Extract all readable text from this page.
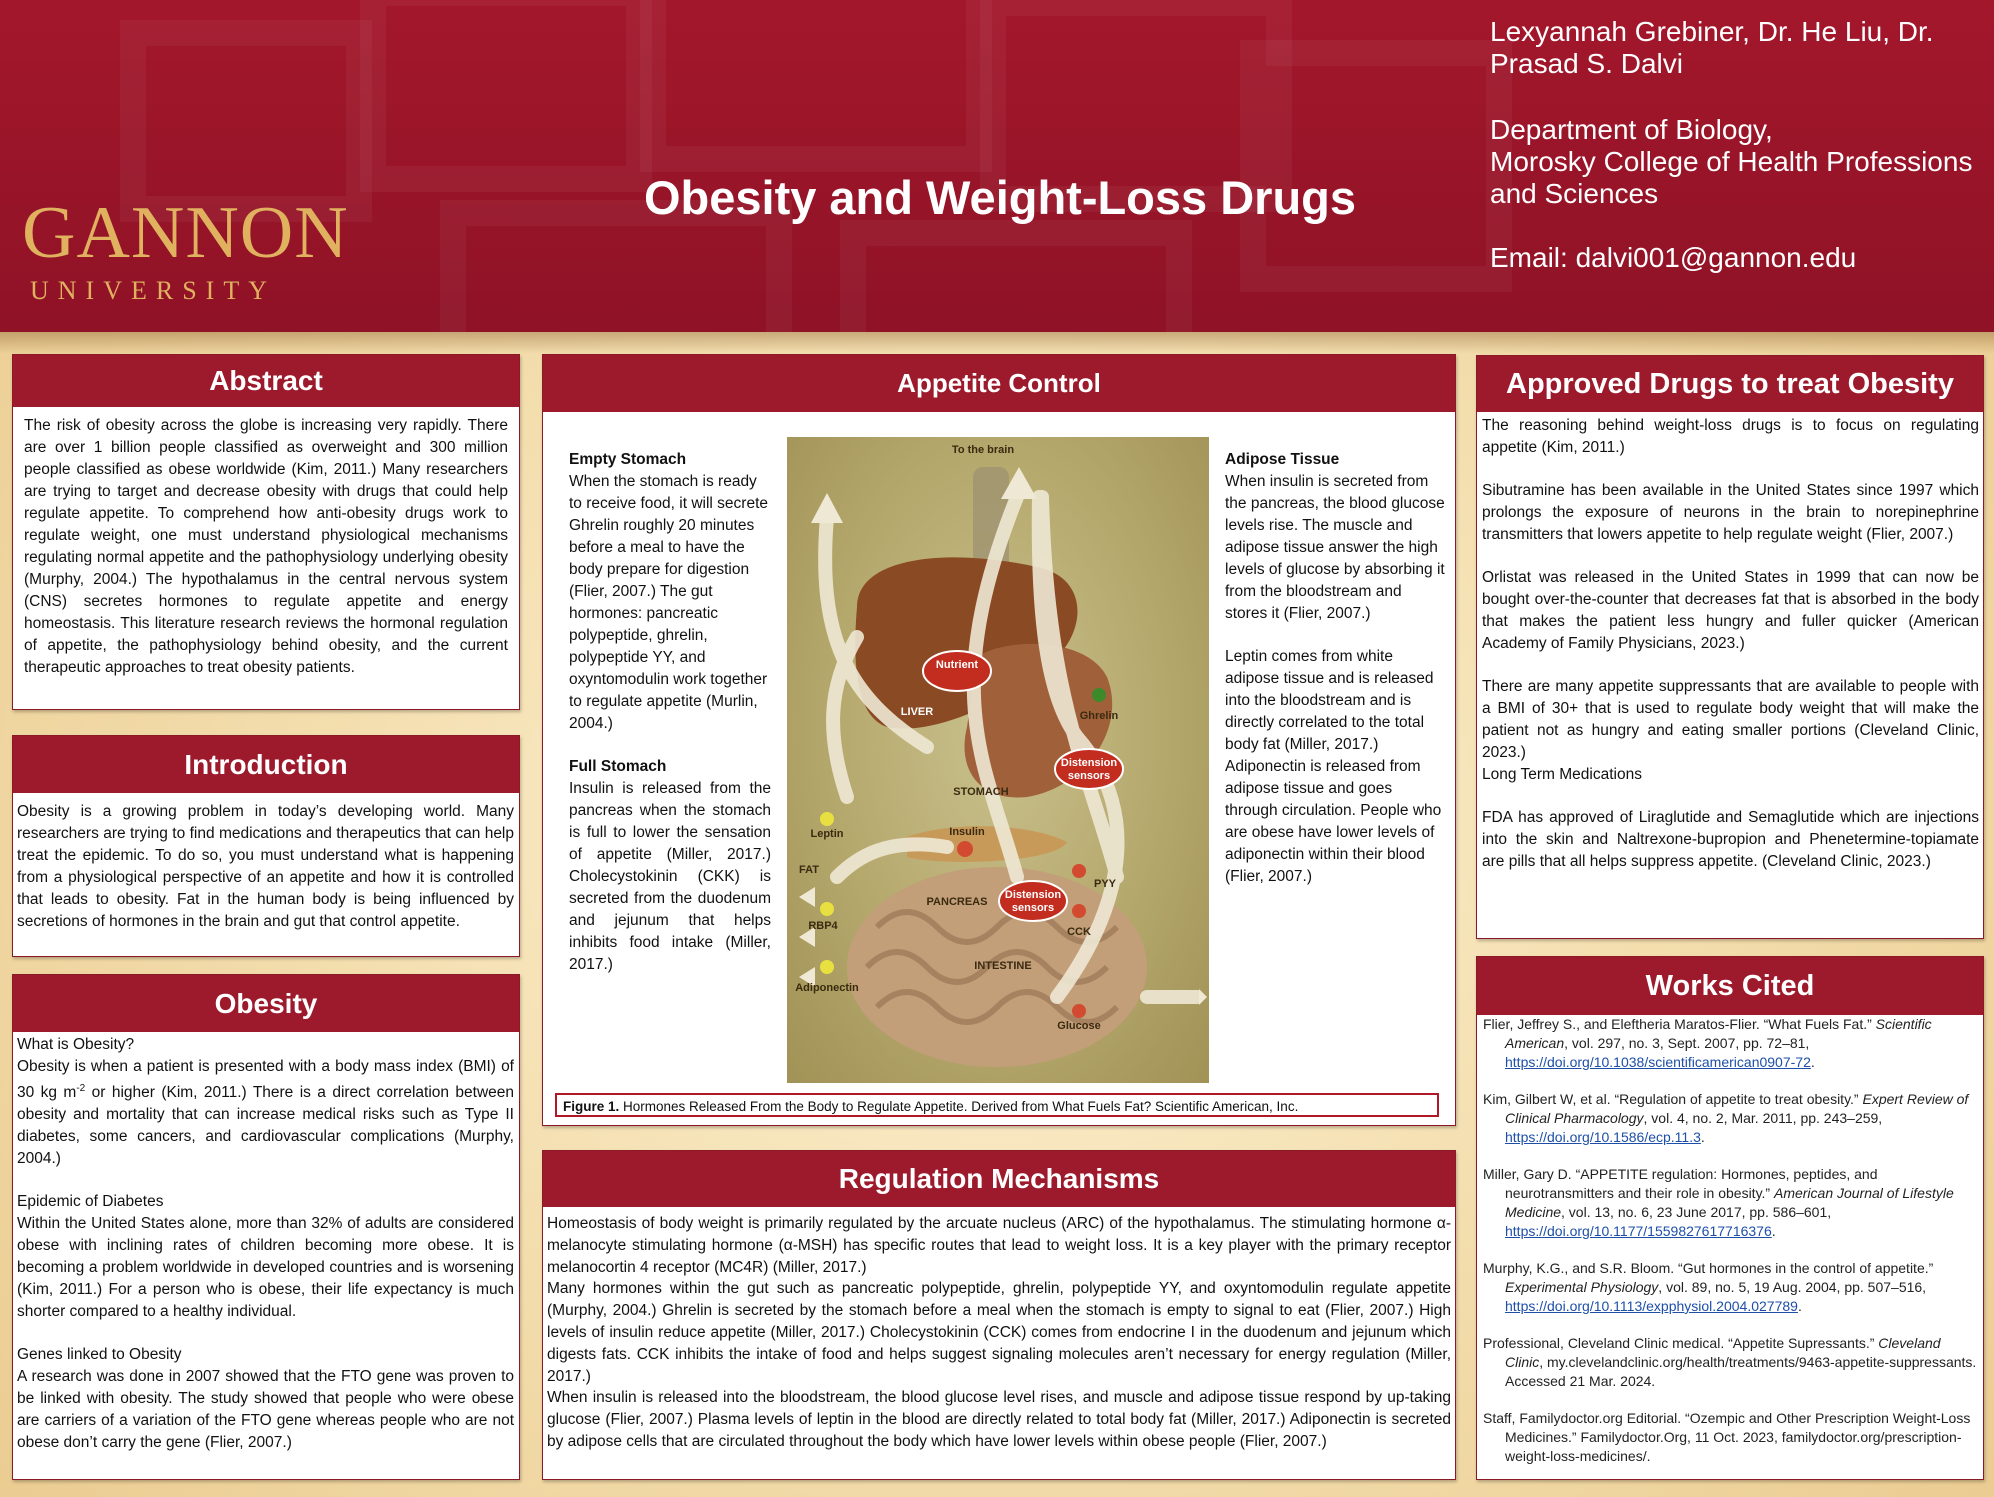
GANNON
UNIVERSITY
Obesity and Weight-Loss Drugs

Lexyannah Grebiner, Dr. He Liu, Dr.

Prasad S. Dalvi

Department of Biology,

Morosky College of Health Professions

and Sciences

Email: dalvi001@gannon.edu

Abstract
The risk of obesity across the globe is increasing very rapidly. There are over 1 billion people classified as overweight and 300 million people classified as obese worldwide (Kim, 2011.) Many researchers are trying to target and decrease obesity with drugs that could help regulate appetite. To comprehend how anti-obesity drugs work to regulate weight, one must understand physiological mechanisms regulating normal appetite and the pathophysiology underlying obesity (Murphy, 2004.) The hypothalamus in the central nervous system (CNS) secretes hormones to regulate appetite and energy homeostasis. This literature research reviews the hormonal regulation of appetite, the pathophysiology behind obesity, and the current therapeutic approaches to treat obesity patients.
Introduction
Obesity is a growing problem in today’s developing world. Many researchers are trying to find medications and therapeutics that can help treat the epidemic. To do so, you must understand what is happening from a physiological perspective of an appetite and how it is controlled that leads to obesity. Fat in the human body is being influenced by secretions of hormones in the brain and gut that control appetite.
Obesity

What is Obesity?

Obesity is when a patient is presented with a body mass index (BMI) of 30 kg $m^{-2}$ or higher (Kim, 2011.) There is a direct correlation between obesity and mortality that can increase medical risks such as Type II diabetes, some cancers, and cardiovascular complications (Murphy, 2004.)

Epidemic of Diabetes

Within the United States alone, more than 32% of adults are considered obese with inclining rates of children becoming more obese. It is becoming a problem worldwide in developed countries and is worsening (Kim, 2011.) For a person who is obese, their life expectancy is much shorter compared to a healthy individual.

Genes linked to Obesity

A research was done in 2007 showed that the FTO gene was proven to be linked with obesity. The study showed that people who were obese are carriers of a variation of the FTO gene whereas people who are not obese don’t carry the gene (Flier, 2007.)

Appetite Control

Empty Stomach

When the stomach is ready to receive food, it will secrete Ghrelin roughly 20 minutes before a meal to have the body prepare for digestion (Flier, 2007.) The gut hormones: pancreatic polypeptide, ghrelin, polypeptide YY, and oxyntomodulin work together to regulate appetite (Murlin, 2004.)

Full Stomach

Insulin is released from the pancreas when the stomach is full to lower the sensation of appetite (Miller, 2017.) Cholecystokinin (CKK) is secreted from the duodenum and jejunum that helps inhibits food intake (Miller, 2017.)

To the brain
Nutrient
LIVER	Ghrelin
Distension
sensors
STOMACH
Leptin	Insulin
FAT
PANCREAS
Distension
sensors
PYY
RBP4	CCK
INTESTINE
Adiponectin
Glucose

Adipose Tissue

When insulin is secreted from

the pancreas, the blood glucose levels rise. The muscle and adipose tissue answer the high levels of glucose by absorbing it from the bloodstream and stores it (Flier, 2007.)

Leptin comes from white adipose tissue and is released into the bloodstream and is directly correlated to the total body fat (Miller, 2017.) Adiponectin is released from adipose tissue and goes through circulation. People who are obese have lower levels of adiponectin within their blood (Flier, 2007.)

Figure 1. Hormones Released From the Body to Regulate Appetite. Derived from What Fuels Fat? Scientific American, Inc.
Regulation Mechanisms

Homeostasis of body weight is primarily regulated by the arcuate nucleus (ARC) of the hypothalamus. The stimulating hormone α-melanocyte stimulating hormone (α-MSH) has specific routes that lead to weight loss. It is a key player with the primary receptor melanocortin 4 receptor (MC4R) (Miller, 2017.)

Many hormones within the gut such as pancreatic polypeptide, ghrelin, polypeptide YY, and oxyntomodulin regulate appetite (Murphy, 2004.) Ghrelin is secreted by the stomach before a meal when the stomach is empty to signal to eat (Flier, 2007.) High levels of insulin reduce appetite (Miller, 2017.) Cholecystokinin (CCK) comes from endocrine I in the duodenum and jejunum which digests fats. CCK inhibits the intake of food and helps suggest signaling molecules aren’t necessary for energy regulation (Miller, 2017.)

When insulin is released into the bloodstream, the blood glucose level rises, and muscle and adipose tissue respond by up-taking glucose (Flier, 2007.) Plasma levels of leptin in the blood are directly related to total body fat (Miller, 2017.) Adiponectin is secreted by adipose cells that are circulated throughout the body which have lower levels within obese people (Flier, 2007.)

Approved Drugs to treat Obesity

The reasoning behind weight-loss drugs is to focus on regulating appetite (Kim, 2011.)

Sibutramine has been available in the United States since 1997 which prolongs the exposure of neurons in the brain to norepinephrine transmitters that lowers appetite to help regulate weight (Flier, 2007.)

Orlistat was released in the United States in 1999 that can now be bought over-the-counter that decreases fat that is absorbed in the body that makes the patient less hungry and fuller quicker (American Academy of Family Physicians, 2023.)

There are many appetite suppressants that are available to people with a BMI of 30+ that is used to regulate body weight that will make the patient not as hungry and eating smaller portions (Cleveland Clinic, 2023.)

Long Term Medications

FDA has approved of Liraglutide and Semaglutide which are injections into the skin and Naltrexone-bupropion and Phenetermine-topiamate are pills that all helps suppress appetite. (Cleveland Clinic, 2023.)

Works Cited
Flier, Jeffrey S., and Eleftheria Maratos-Flier. “What Fuels Fat.” Scientific American, vol. 297, no. 3, Sept. 2007, pp. 72–81, https://doi.org/10.1038/scientificamerican0907-72.
Kim, Gilbert W, et al. “Regulation of appetite to treat obesity.” Expert Review of Clinical Pharmacology, vol. 4, no. 2, Mar. 2011, pp. 243–259, https://doi.org/10.1586/ecp.11.3.
Miller, Gary D. “APPETITE regulation: Hormones, peptides, and neurotransmitters and their role in obesity.” American Journal of Lifestyle Medicine, vol. 13, no. 6, 23 June 2017, pp. 586–601, https://doi.org/10.1177/1559827617716376.
Murphy, K.G., and S.R. Bloom. “Gut hormones in the control of appetite.” Experimental Physiology, vol. 89, no. 5, 19 Aug. 2004, pp. 507–516, https://doi.org/10.1113/expphysiol.2004.027789.
Professional, Cleveland Clinic medical. “Appetite Supressants.” Cleveland Clinic, my.clevelandclinic.org/health/treatments/9463-appetite-suppressants. Accessed 21 Mar. 2024.
Staff, Familydoctor.org Editorial. “Ozempic and Other Prescription Weight-Loss Medicines.” Familydoctor.Org, 11 Oct. 2023, familydoctor.org/prescription-weight-loss-medicines/.
